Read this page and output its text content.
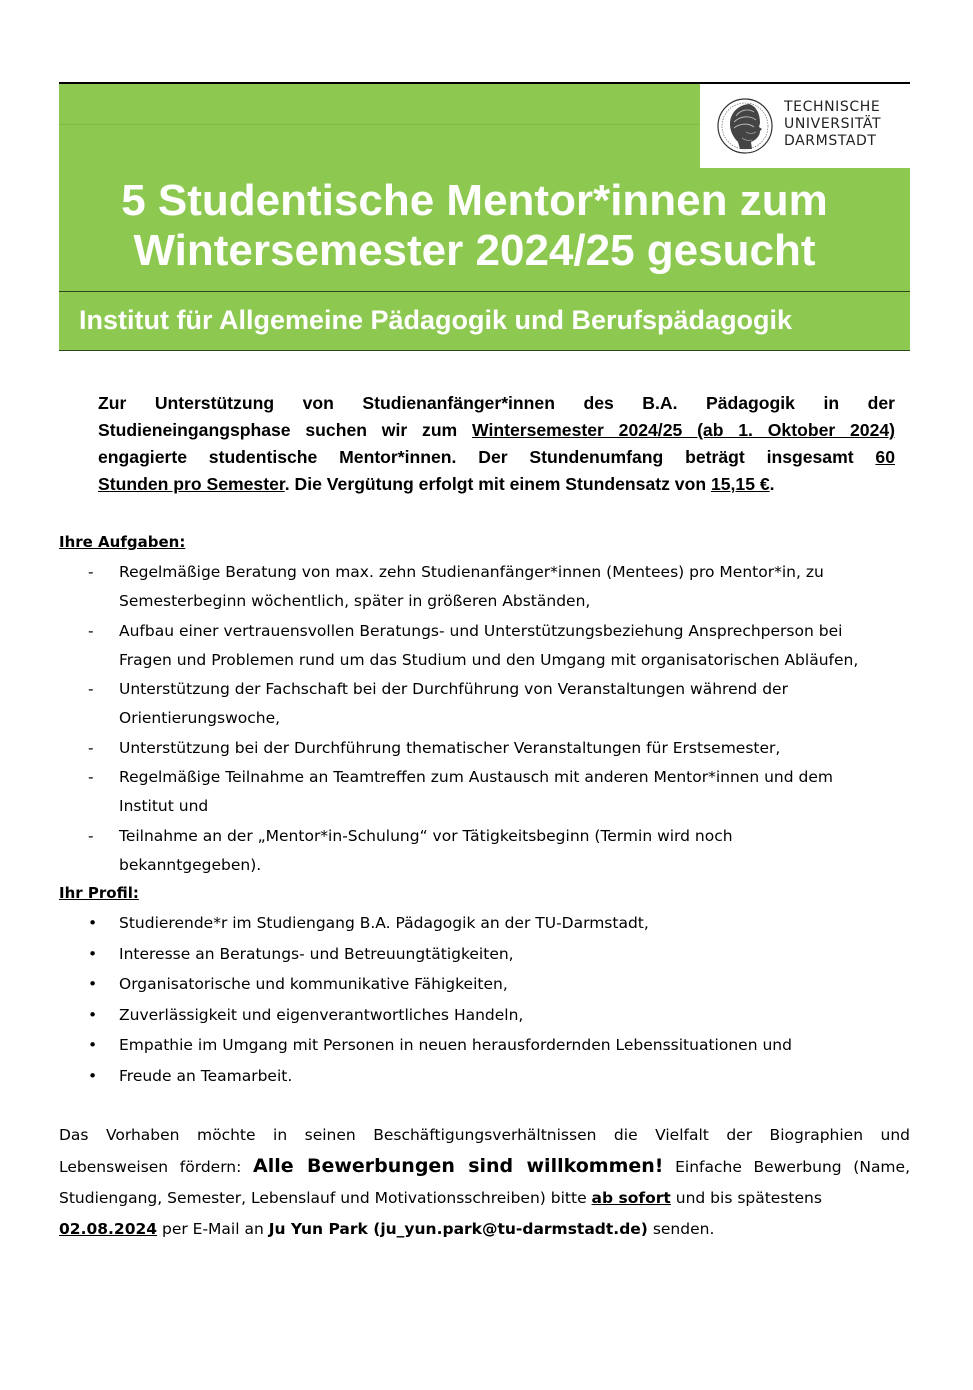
TECHNISCHE
UNIVERSITÄT
DARMSTADT
5 Studentische Mentor*innen zum
Wintersemester 2024/25 gesucht
Institut für Allgemeine Pädagogik und Berufspädagogik
Zur Unterstützung von Studienanfänger*innen des B.A. Pädagogik in der
Studieneingangsphase suchen wir zum Wintersemester 2024/25 (ab 1. Oktober 2024)
engagierte studentische Mentor*innen. Der Stundenumfang beträgt insgesamt 60
Stunden pro Semester. Die Vergütung erfolgt mit einem Stundensatz von 15,15 €.
Ihre Aufgaben:
- Regelmäßige Beratung von max. zehn Studienanfänger*innen (Mentees) pro Mentor*in, zu
Semesterbeginn wöchentlich, später in größeren Abständen,
- Aufbau einer vertrauensvollen Beratungs- und Unterstützungsbeziehung Ansprechperson bei
Fragen und Problemen rund um das Studium und den Umgang mit organisatorischen Abläufen,
- Unterstützung der Fachschaft bei der Durchführung von Veranstaltungen während der
Orientierungswoche,
- Unterstützung bei der Durchführung thematischer Veranstaltungen für Erstsemester,
- Regelmäßige Teilnahme an Teamtreffen zum Austausch mit anderen Mentor*innen und dem
Institut und
- Teilnahme an der „Mentor*in-Schulung“ vor Tätigkeitsbeginn (Termin wird noch
bekanntgegeben).
Ihr Profil:
• Studierende*r im Studiengang B.A. Pädagogik an der TU-Darmstadt,
• Interesse an Beratungs- und Betreuungtätigkeiten,
• Organisatorische und kommunikative Fähigkeiten,
• Zuverlässigkeit und eigenverantwortliches Handeln,
• Empathie im Umgang mit Personen in neuen herausfordernden Lebenssituationen und
• Freude an Teamarbeit.
Das Vorhaben möchte in seinen Beschäftigungsverhältnissen die Vielfalt der Biographien und
Lebensweisen fördern: Alle Bewerbungen sind willkommen! Einfache Bewerbung (Name,
Studiengang, Semester, Lebenslauf und Motivationsschreiben) bitte ab sofort und bis spätestens
02.08.2024 per E-Mail an Ju Yun Park (ju_yun.park@tu-darmstadt.de) senden.
